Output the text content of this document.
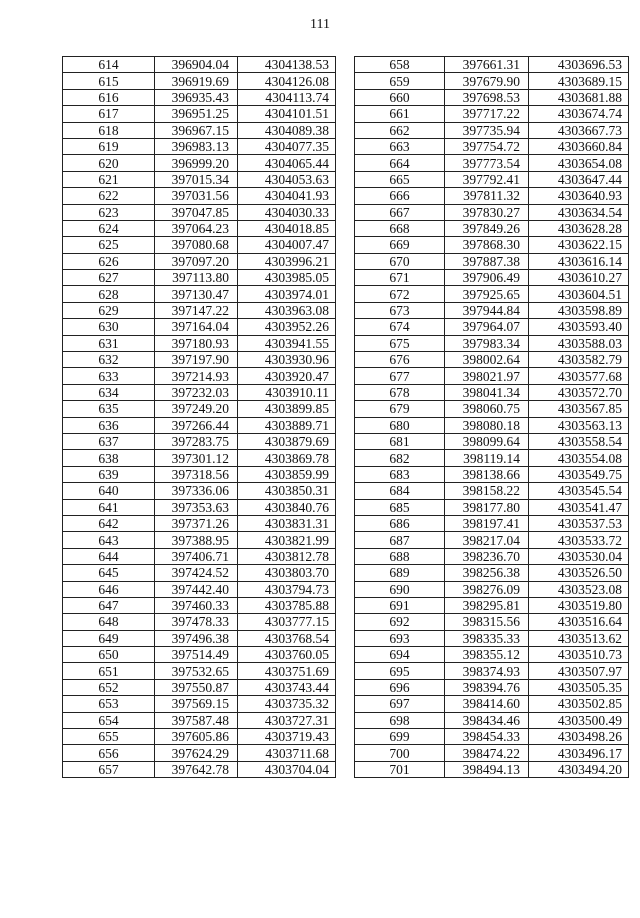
111
614	396904.04	4304138.53
615	396919.69	4304126.08
616	396935.43	4304113.74
617	396951.25	4304101.51
618	396967.15	4304089.38
619	396983.13	4304077.35
620	396999.20	4304065.44
621	397015.34	4304053.63
622	397031.56	4304041.93
623	397047.85	4304030.33
624	397064.23	4304018.85
625	397080.68	4304007.47
626	397097.20	4303996.21
627	397113.80	4303985.05
628	397130.47	4303974.01
629	397147.22	4303963.08
630	397164.04	4303952.26
631	397180.93	4303941.55
632	397197.90	4303930.96
633	397214.93	4303920.47
634	397232.03	4303910.11
635	397249.20	4303899.85
636	397266.44	4303889.71
637	397283.75	4303879.69
638	397301.12	4303869.78
639	397318.56	4303859.99
640	397336.06	4303850.31
641	397353.63	4303840.76
642	397371.26	4303831.31
643	397388.95	4303821.99
644	397406.71	4303812.78
645	397424.52	4303803.70
646	397442.40	4303794.73
647	397460.33	4303785.88
648	397478.33	4303777.15
649	397496.38	4303768.54
650	397514.49	4303760.05
651	397532.65	4303751.69
652	397550.87	4303743.44
653	397569.15	4303735.32
654	397587.48	4303727.31
655	397605.86	4303719.43
656	397624.29	4303711.68
657	397642.78	4303704.04
658	397661.31	4303696.53
659	397679.90	4303689.15
660	397698.53	4303681.88
661	397717.22	4303674.74
662	397735.94	4303667.73
663	397754.72	4303660.84
664	397773.54	4303654.08
665	397792.41	4303647.44
666	397811.32	4303640.93
667	397830.27	4303634.54
668	397849.26	4303628.28
669	397868.30	4303622.15
670	397887.38	4303616.14
671	397906.49	4303610.27
672	397925.65	4303604.51
673	397944.84	4303598.89
674	397964.07	4303593.40
675	397983.34	4303588.03
676	398002.64	4303582.79
677	398021.97	4303577.68
678	398041.34	4303572.70
679	398060.75	4303567.85
680	398080.18	4303563.13
681	398099.64	4303558.54
682	398119.14	4303554.08
683	398138.66	4303549.75
684	398158.22	4303545.54
685	398177.80	4303541.47
686	398197.41	4303537.53
687	398217.04	4303533.72
688	398236.70	4303530.04
689	398256.38	4303526.50
690	398276.09	4303523.08
691	398295.81	4303519.80
692	398315.56	4303516.64
693	398335.33	4303513.62
694	398355.12	4303510.73
695	398374.93	4303507.97
696	398394.76	4303505.35
697	398414.60	4303502.85
698	398434.46	4303500.49
699	398454.33	4303498.26
700	398474.22	4303496.17
701	398494.13	4303494.20
